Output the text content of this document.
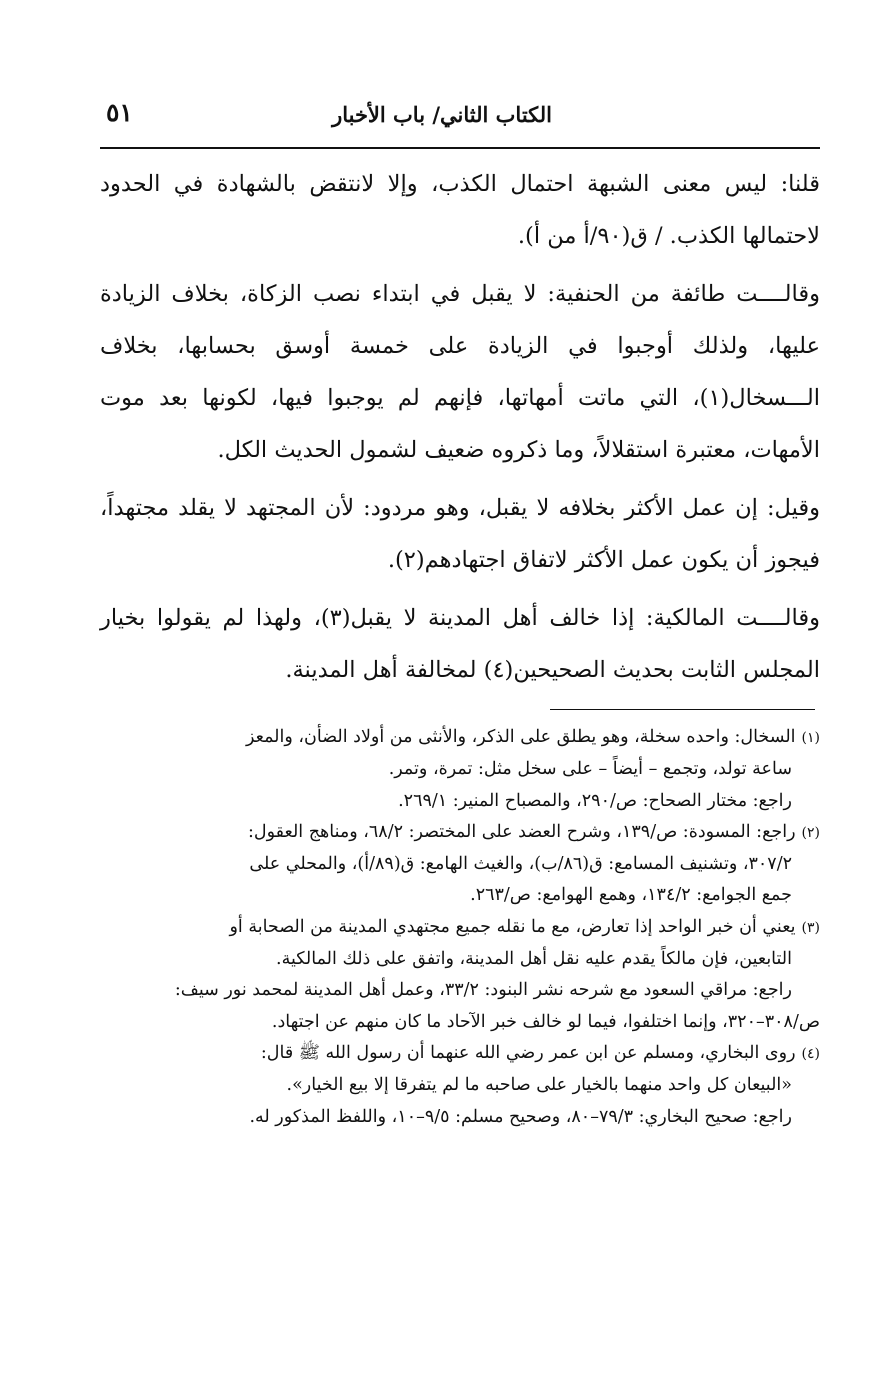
الكتاب الثاني/ باب الأخبار
٥١

قلنا: ليس معنى الشبهة احتمال الكذب، وإلا لانتقض بالشهادة في الحدود لاحتمالها الكذب. / ق(٩٠/أ من أ).

وقالــــت طائفة من الحنفية: لا يقبل في ابتداء نصب الزكاة، بخلاف الزيادة عليها، ولذلك أوجبوا في الزيادة على خمسة أوسق بحسابها، بخلاف الـــسخال(١)، التي ماتت أمهاتها، فإنهم لم يوجبوا فيها، لكونها بعد موت الأمهات، معتبرة استقلالاً، وما ذكروه ضعيف لشمول الحديث الكل.

وقيل: إن عمل الأكثر بخلافه لا يقبل، وهو مردود: لأن المجتهد لا يقلد مجتهداً، فيجوز أن يكون عمل الأكثر لاتفاق اجتهادهم(٢).

وقالــــت المالكية: إذا خالف أهل المدينة لا يقبل(٣)، ولهذا لم يقولوا بخيار المجلس الثابت بحديث الصحيحين(٤) لمخالفة أهل المدينة.

(١)السخال: واحده سخلة، وهو يطلق على الذكر، والأنثى من أولاد الضأن، والمعز

ساعة تولد، وتجمع – أيضاً – على سخل مثل: تمرة، وتمر.

راجع: مختار الصحاح: ص/٢٩٠، والمصباح المنير: ٢٦٩/١.

(٢)راجع: المسودة: ص/١٣٩، وشرح العضد على المختصر: ٦٨/٢، ومناهج العقول:

٣٠٧/٢، وتشنيف المسامع: ق(٨٦/ب)، والغيث الهامع: ق(٨٩/أ)، والمحلي على

جمع الجوامع: ١٣٤/٢، وهمع الهوامع: ص/٢٦٣.

(٣)يعني أن خبر الواحد إذا تعارض، مع ما نقله جميع مجتهدي المدينة من الصحابة أو

التابعين، فإن مالكاً يقدم عليه نقل أهل المدينة، واتفق على ذلك المالكية.

راجع: مراقي السعود مع شرحه نشر البنود: ٣٣/٢، وعمل أهل المدينة لمحمد نور سيف:

ص/٣٠٨–٣٢٠، وإنما اختلفوا، فيما لو خالف خبر الآحاد ما كان منهم عن اجتهاد.

(٤)روى البخاري، ومسلم عن ابن عمر رضي الله عنهما أن رسول الله ﷺ قال:

«البيعان كل واحد منهما بالخيار على صاحبه ما لم يتفرقا إلا بيع الخيار».

راجع: صحيح البخاري: ٧٩/٣–٨٠، وصحيح مسلم: ٩/٥–١٠، واللفظ المذكور له.
